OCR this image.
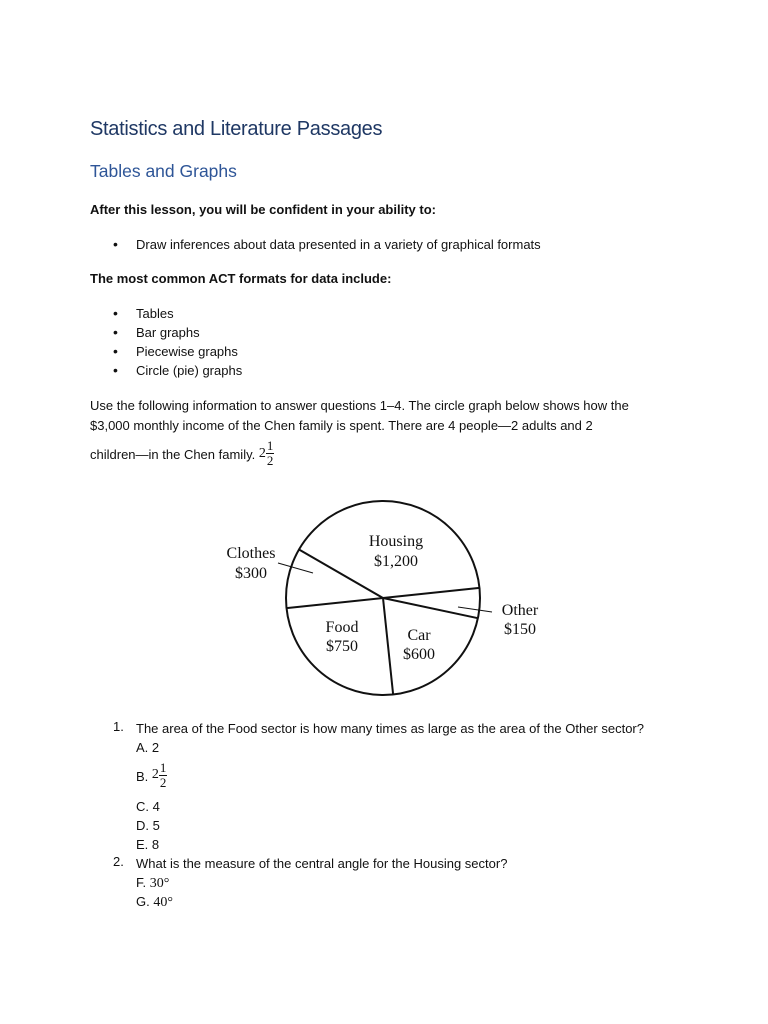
Statistics and Literature Passages
Tables and Graphs

After this lesson, you will be confident in your ability to:

• Draw inferences about data presented in a variety of graphical formats

The most common ACT formats for data include:

• Tables
• Bar graphs
• Piecewise graphs
• Circle (pie) graphs
Use the following information to answer questions 1–4. The circle graph below shows how the
$3,000 monthly income of the Chen family is spent. There are 4 people—2 adults and 2
children—in the Chen family. $2 \frac{1}{2}$
Clothes
$300
Housing
$1,200
Other
$150
Food
$750
Car
$600
1. The area of the Food sector is how many times as large as the area of the Other sector?
A. 2
B. $2 \frac{1}{2}$
C. 4
D. 5
E. 8
2. What is the measure of the central angle for the Housing sector?
F. 30°
G. 40°
